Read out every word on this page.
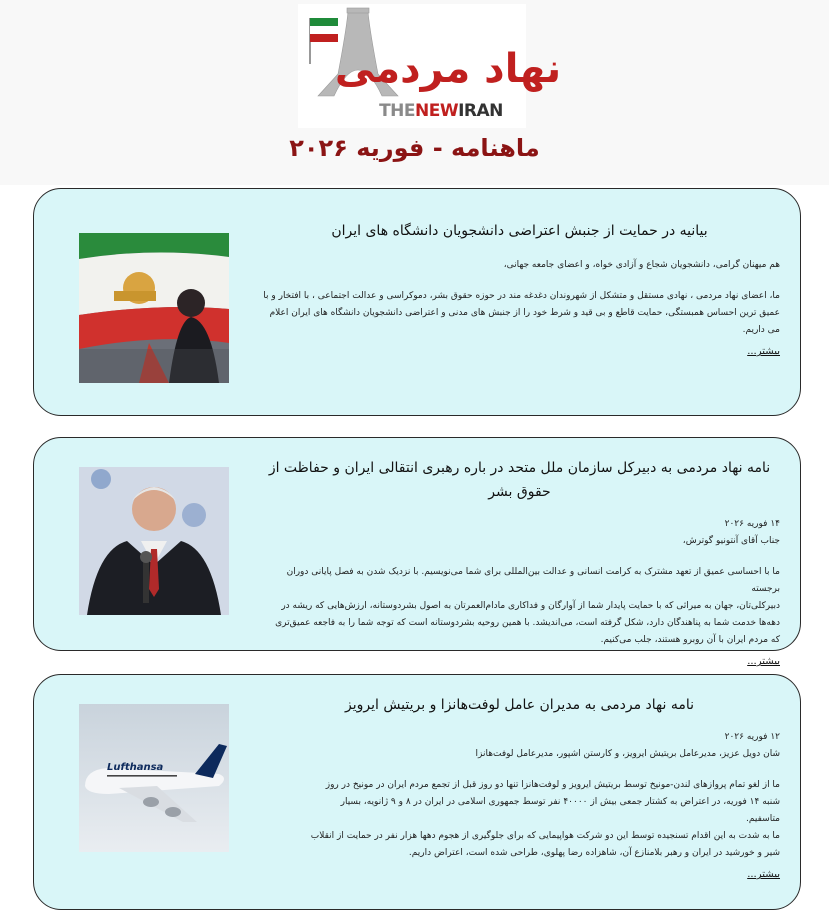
نهاد مردمی
THENEWIRAN
ماهنامه - فوریه ۲۰۲۶
بیانیه در حمایت از جنبش اعتراضی دانشجویان دانشگاه های ایران
هم میهنان گرامی، دانشجویان شجاع و آزادی خواه، و اعضای جامعه جهانی،
ما، اعضای نهاد مردمی ، نهادی مستقل و متشکل از شهروندان دغدغه مند در حوزه حقوق بشر، دموکراسی و عدالت اجتماعی ، با افتخار و با
عمیق ترین احساس همبستگی، حمایت قاطع و بی قید و شرط خود را از جنبش های مدنی و اعتراضی دانشجویان دانشگاه های ایران اعلام
می داریم.
بیشتر...
نامه نهاد مردمی به دبیرکل سازمان ملل متحد در باره رهبری انتقالی ایران و حفاظت از حقوق بشر
۱۴ فوریه ۲۰۲۶
جناب آقای آنتونیو گوترش،
ما با احساسی عمیق از تعهد مشترک به کرامت انسانی و عدالت بین‌المللی برای شما می‌نویسیم. با نزدیک شدن به فصل پایانی دوران برجسته
دبیرکلی‌تان، جهان به میراثی که با حمایت پایدار شما از آوارگان و فداکاری مادام‌العمرتان به اصول بشردوستانه، ارزش‌هایی که ریشه در
دهه‌ها خدمت شما به پناهندگان دارد، شکل گرفته است، می‌اندیشد. با همین روحیه بشردوستانه است که توجه شما را به فاجعه عمیق‌تری
که مردم ایران با آن روبرو هستند، جلب می‌کنیم.
بیشتر...
Lufthansa
نامه نهاد مردمی به مدیران عامل لوفت‌هانزا و بریتیش ایرویز
۱۲ فوریه ۲۰۲۶
شان دویل عزیز، مدیرعامل بریتیش ایرویز، و کارستن اشپور، مدیرعامل لوفت‌هانزا
ما از لغو تمام پروازهای لندن-مونیخ توسط بریتیش ایرویز و لوفت‌هانزا تنها دو روز قبل از تجمع مردم ایران در مونیخ در روز
شنبه ۱۴ فوریه، در اعتراض به کشتار جمعی بیش از ۴۰۰۰۰ نفر توسط جمهوری اسلامی در ایران در ۸ و ۹ ژانویه، بسیار
متاسفیم.
ما به شدت به این اقدام تسنجیده توسط این دو شرکت هواپیمایی که برای جلوگیری از هجوم دهها هزار نفر در حمایت از انقلاب
شیر و خورشید در ایران و رهبر بلامنازع آن، شاهزاده رضا پهلوی، طراحی شده است، اعتراض داریم.
بیشتر...
